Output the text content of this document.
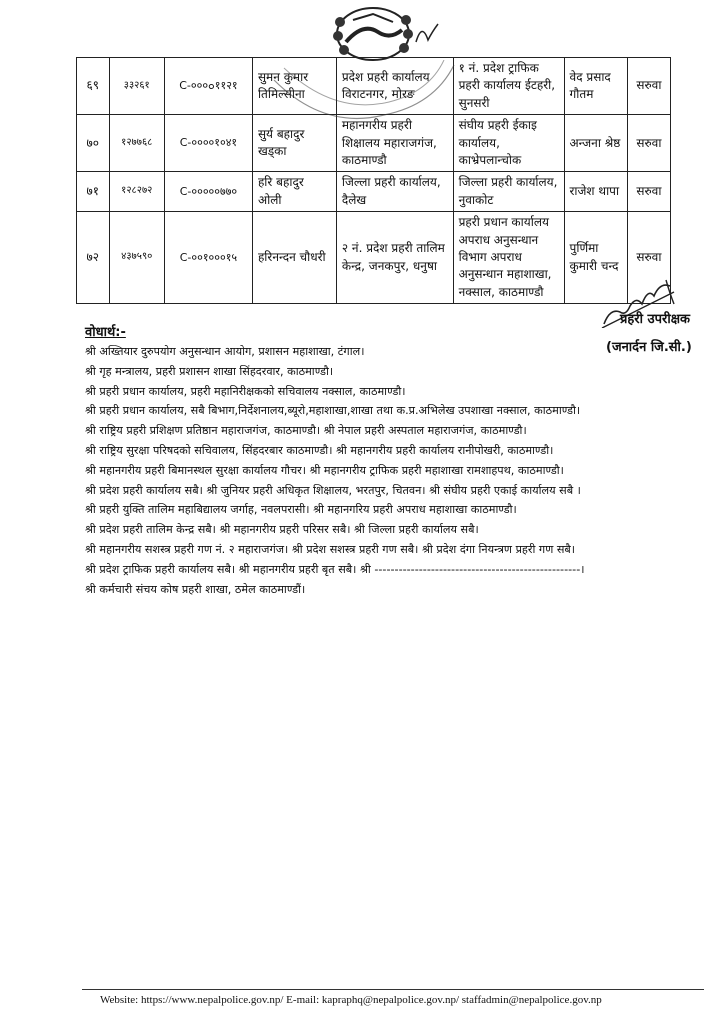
६९	३३२६१	C-०००๐११२१	सुमन कुमार तिमिल्सीना	प्रदेश प्रहरी कार्यालय विराटनगर, मोरङ	१ नं. प्रदेश ट्राफिक प्रहरी कार्यालय ईटहरी, सुनसरी	वेद प्रसाद गौतम	सरुवा
७०	१२७७६८	C-००००१०४१	सुर्य बहादुर खड्का	महानगरीय प्रहरी शिक्षालय महाराजगंज, काठमाण्डौ	संघीय प्रहरी ईकाइ कार्यालय, काभ्रेपलान्चोक	अन्जना श्रेष्ठ	सरुवा
७१	१२८२७२	C-०००००७७०	हरि बहादुर ओली	जिल्ला प्रहरी कार्यालय, दैलेख	जिल्ला प्रहरी कार्यालय, नुवाकोट	राजेश थापा	सरुवा
७२	४३७५९०	C-००१०००१५	हरिनन्दन चौधरी	२ नं. प्रदेश प्रहरी तालिम केन्द्र, जनकपुर, धनुषा	प्रहरी प्रधान कार्यालय अपराध अनुसन्धान विभाग अपराध अनुसन्धान महाशाखा, नक्साल, काठमाण्डौ	पुर्णिमा कुमारी चन्द	सरुवा
प्रहरी उपरीक्षक
(जनार्दन जि.सी.)
वोधार्थ:-
श्री अख्तियार दुरुपयोग अनुसन्धान आयोग, प्रशासन महाशाखा, टंगाल।
श्री गृह मन्त्रालय, प्रहरी प्रशासन शाखा सिंहदरवार, काठमाण्डौ।
श्री प्रहरी प्रधान कार्यालय, प्रहरी महानिरीक्षकको सचिवालय नक्साल, काठमाण्डौ।
श्री प्रहरी प्रधान कार्यालय, सबै बिभाग,निर्देशनालय,ब्यूरो,महाशाखा,शाखा तथा क.प्र.अभिलेख उपशाखा नक्साल, काठमाण्डौ।
श्री राष्ट्रिय प्रहरी प्रशिक्षण प्रतिष्ठान महाराजगंज, काठमाण्डौ। श्री नेपाल प्रहरी अस्पताल महाराजगंज, काठमाण्डौ।
श्री राष्ट्रिय सुरक्षा परिषदको सचिवालय, सिंहदरबार काठमाण्डौ। श्री महानगरीय प्रहरी कार्यालय रानीपोखरी, काठमाण्डौ।
श्री महानगरीय प्रहरी बिमानस्थल सुरक्षा कार्यालय गौचर। श्री महानगरीय ट्राफिक प्रहरी महाशाखा रामशाहपथ, काठमाण्डौ।
श्री प्रदेश प्रहरी कार्यालय सबै। श्री जुनियर प्रहरी अधिकृत शिक्षालय, भरतपुर, चितवन। श्री संघीय प्रहरी एकाई कार्यालय सबै ।
श्री प्रहरी युक्ति तालिम महाबिद्यालय जर्गाह, नवलपरासी। श्री महानगरिय प्रहरी अपराध महाशाखा काठमाण्डौ।
श्री प्रदेश प्रहरी तालिम केन्द्र सबै। श्री महानगरीय प्रहरी परिसर सबै। श्री जिल्ला प्रहरी कार्यालय सबै।
श्री महानगरीय सशस्त्र प्रहरी गण नं. २ महाराजगंज। श्री प्रदेश सशस्त्र प्रहरी गण सबै। श्री प्रदेश दंगा नियन्त्रण प्रहरी गण सबै।
श्री प्रदेश ट्राफिक प्रहरी कार्यालय सबै। श्री महानगरीय प्रहरी बृत सबै। श्री ---------------------------------------------------।
श्री कर्मचारी संचय कोष प्रहरी शाखा, ठमेल काठमाण्डौं।
Website: https://www.nepalpolice.gov.np/ E-mail: kapraphq@nepalpolice.gov.np/ staffadmin@nepalpolice.gov.np
